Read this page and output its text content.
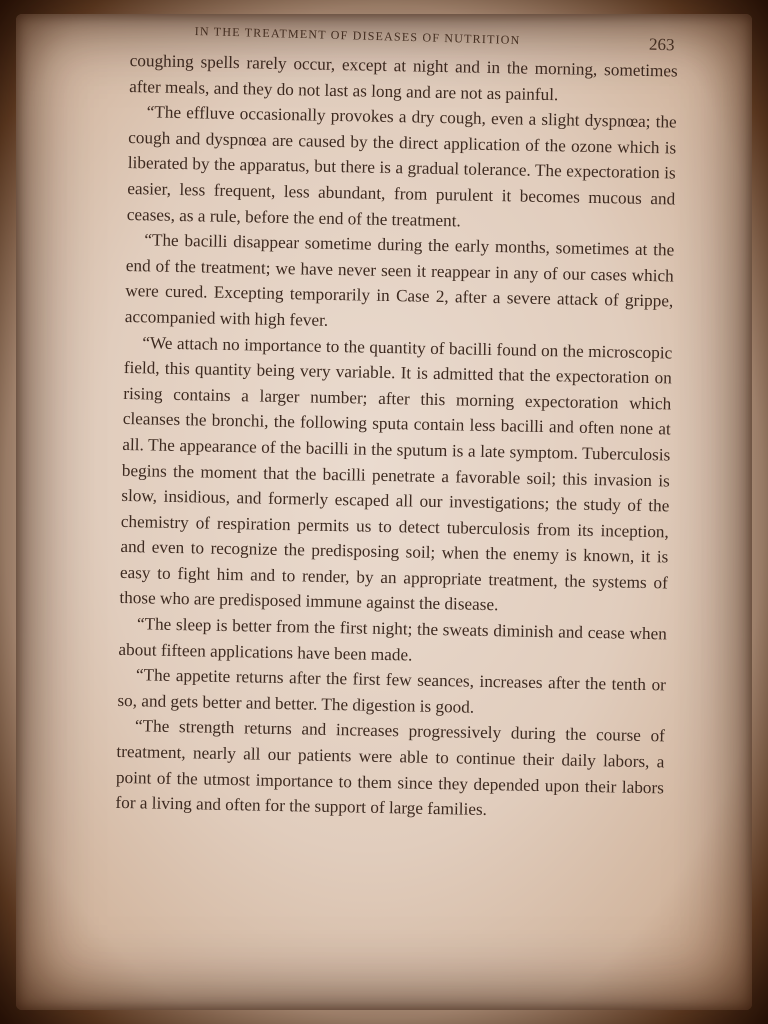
IN THE TREATMENT OF DISEASES OF NUTRITION	263

coughing spells rarely occur, except at night and in the morning, sometimes after meals, and they do not last as long and are not as painful.

“The effluve occasionally provokes a dry cough, even a slight dyspnœa; the cough and dyspnœa are caused by the direct application of the ozone which is liberated by the apparatus, but there is a gradual tolerance. The expectoration is easier, less frequent, less abundant, from purulent it becomes mucous and ceases, as a rule, before the end of the treatment.

“The bacilli disappear sometime during the early months, sometimes at the end of the treatment; we have never seen it reappear in any of our cases which were cured. Excepting temporarily in Case 2, after a severe attack of grippe, accompanied with high fever.

“We attach no importance to the quantity of bacilli found on the microscopic field, this quantity being very variable. It is admitted that the expectoration on rising contains a larger number; after this morning expectoration which cleanses the bronchi, the following sputa contain less bacilli and often none at all. The appearance of the bacilli in the sputum is a late symptom. Tuberculosis begins the moment that the bacilli penetrate a favorable soil; this invasion is slow, insidious, and formerly escaped all our investigations; the study of the chemistry of respiration permits us to detect tuberculosis from its inception, and even to recognize the predisposing soil; when the enemy is known, it is easy to fight him and to render, by an appropriate treatment, the systems of those who are predisposed immune against the disease.

“The sleep is better from the first night; the sweats diminish and cease when about fifteen applications have been made.

“The appetite returns after the first few seances, increases after the tenth or so, and gets better and better. The digestion is good.

“The strength returns and increases progressively during the course of treatment, nearly all our patients were able to continue their daily labors, a point of the utmost importance to them since they depended upon their labors for a living and often for the support of large families.
